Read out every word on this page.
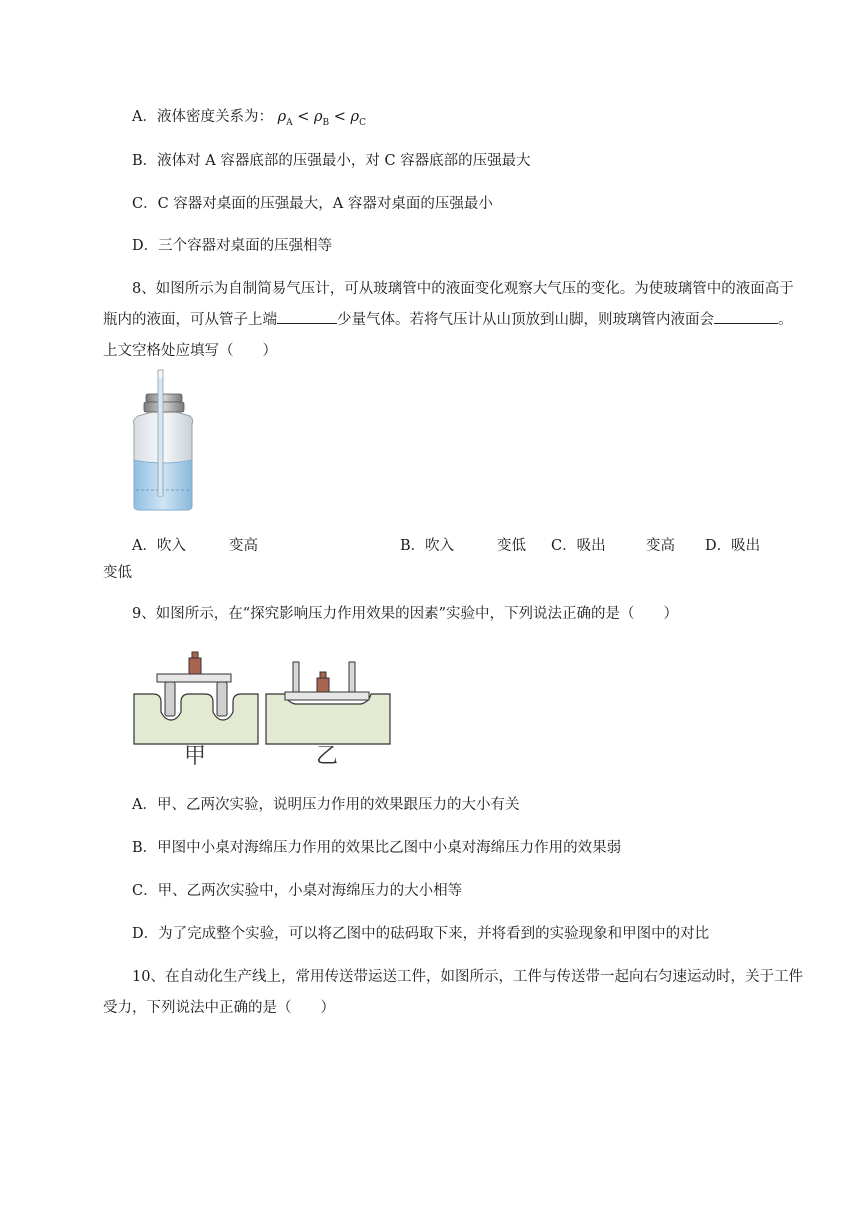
A．液体密度关系为： $\rho_A < \rho_B < \rho_C$
B．液体对 A 容器底部的压强最小，对 C 容器底部的压强最大
C．C 容器对桌面的压强最大，A 容器对桌面的压强最小
D．三个容器对桌面的压强相等
8、如图所示为自制简易气压计，可从玻璃管中的液面变化观察大气压的变化。为使玻璃管中的液面高于瓶内的液面，可从管子上端	少量气体。若将气压计从山顶放到山脚，则玻璃管内液面会	。上文空格处应填写（　　）
A．吹入	变高	B．吹入	变低 C．吸出	变高 D．吸出
变低
9、如图所示，在“探究影响压力作用效果的因素”实验中，下列说法正确的是（　　）
甲	乙
A．甲、乙两次实验，说明压力作用的效果跟压力的大小有关
B．甲图中小桌对海绵压力作用的效果比乙图中小桌对海绵压力作用的效果弱
C．甲、乙两次实验中，小桌对海绵压力的大小相等
D．为了完成整个实验，可以将乙图中的砝码取下来，并将看到的实验现象和甲图中的对比
10、在自动化生产线上，常用传送带运送工件，如图所示，工件与传送带一起向右匀速运动时，关于工件受力，下列说法中正确的是（　　）
